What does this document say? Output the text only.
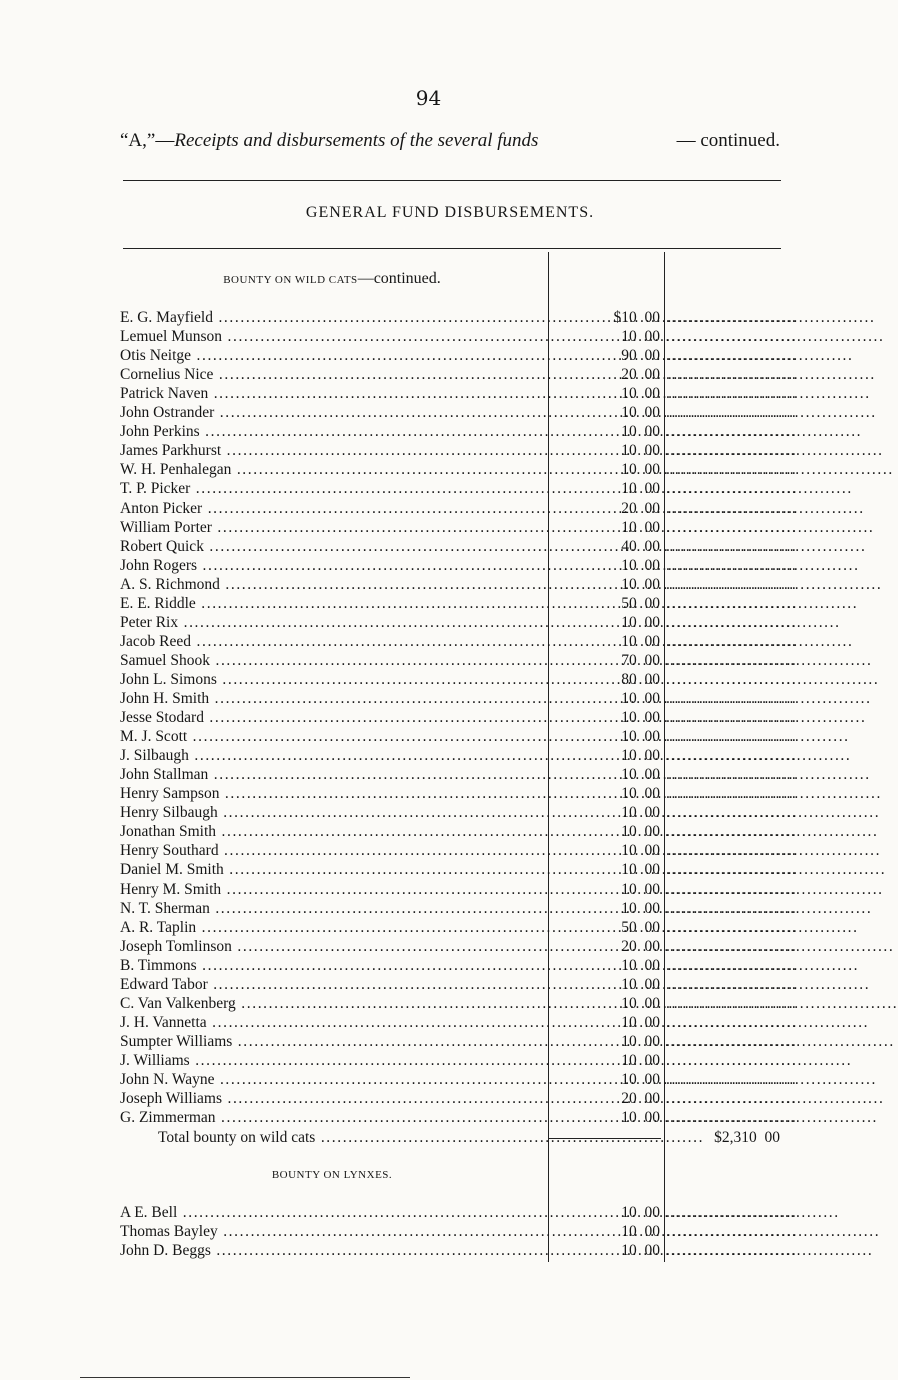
94
“A,”—Receipts and disbursements of the several funds	— continued.
GENERAL FUND DISBURSEMENTS.
BOUNTY ON WILD CATS—continued.
E. G. Mayfield .....	$10  00 ........................
Lemuel Munson .....	10  00 ........................
Otis Neitge .....	90  00 ........................
Cornelius Nice .....	20  00 ........................
Patrick Naven .....	10  00 ........................
John Ostrander .....	10  00 ........................
John Perkins .....	10  00 ........................
James Parkhurst .....	10  00 ........................
W. H. Penhalegan .....	10  00 ........................
T. P. Picker .....	10  00 ........................
Anton Picker .....	20  00 ........................
William Porter .....	10  00 ........................
Robert Quick .....	40  00 ........................
John Rogers .....	10  00 ........................
A. S. Richmond .....	10  00 ........................
E. E. Riddle .....	50  00 ........................
Peter Rix .....	10  00 ........................
Jacob Reed .....	10  00 ........................
Samuel Shook .....	70  00 ........................
John L. Simons .....	80  00 ........................
John H. Smith .....	10  00 ........................
Jesse Stodard .....	10  00 ........................
M. J. Scott .....	10  00 ........................
J. Silbaugh .....	10  00 ........................
John Stallman .....	10  00 ........................
Henry Sampson .....	10  00 ........................
Henry Silbaugh .....	10  00 ........................
Jonathan Smith .....	10  00 ........................
Henry Southard .....	10  00 ........................
Daniel M. Smith .....	10  00 ........................
Henry M. Smith .....	10  00 ........................
N. T. Sherman .....	10  00 ........................
A. R. Taplin .....	50  00 ........................
Joseph Tomlinson .....	20  00 ........................
B. Timmons .....	10  00 ........................
Edward Tabor .....	10  00 ........................
C. Van Valkenberg .....	10  00 ........................
J. H. Vannetta .....	10  00 ........................
Sumpter Williams .....	10  00 ........................
J. Williams .....	10  00 ........................
John N. Wayne .....	10  00 ........................
Joseph Williams .....	20  00 ........................
G. Zimmerman .....	10  00 ........................
Total bounty on wild cats .....	$2,310  00
BOUNTY ON LYNXES.
A E. Bell .....	10  00 ........................
Thomas Bayley .....	10  00 ........................
John D. Beggs .....	10  00 ........................
